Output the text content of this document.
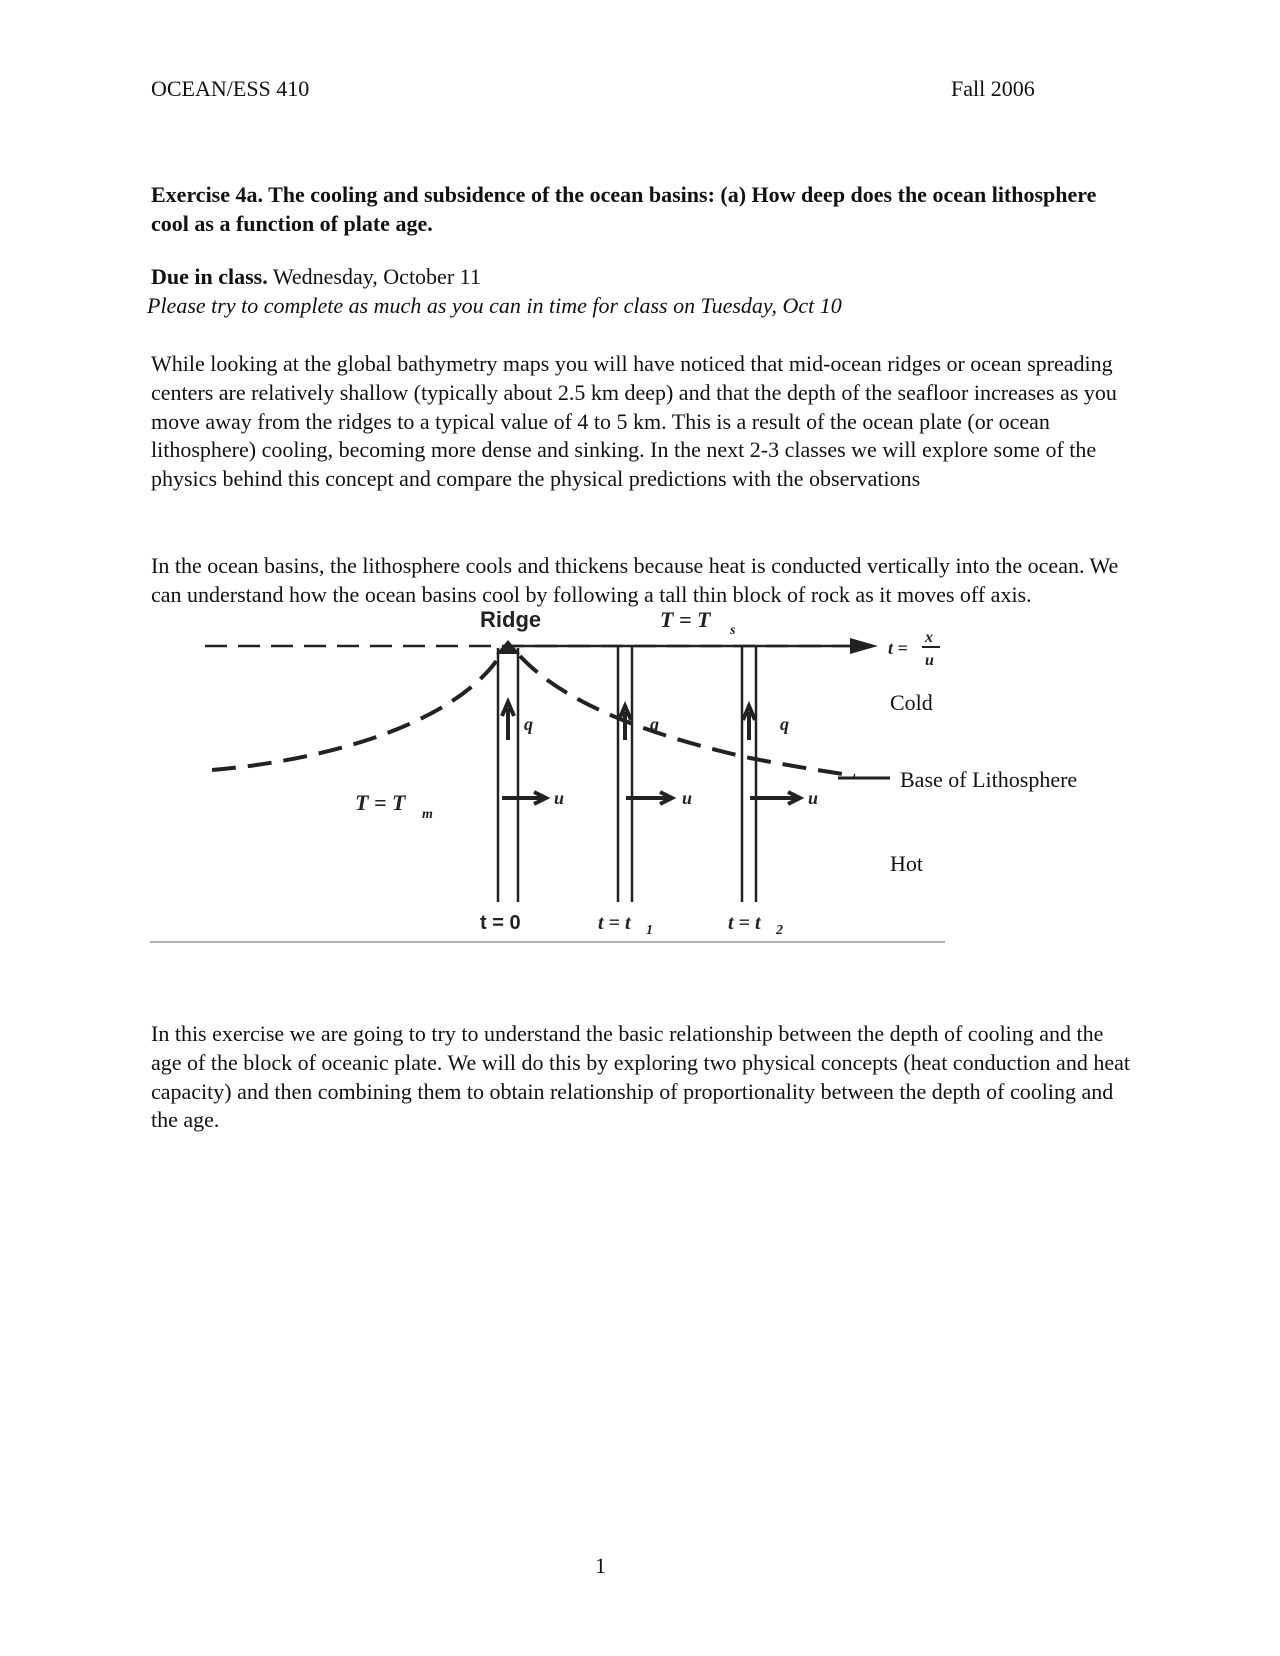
OCEAN/ESS 410	Fall 2006
Exercise 4a. The cooling and subsidence of the ocean basins: (a) How deep does the ocean lithosphere cool as a function of plate age.
Due in class. Wednesday, October 11
Please try to complete as much as you can in time for class on Tuesday, Oct 10
While looking at the global bathymetry maps you will have noticed that mid-ocean ridges or ocean spreading centers are relatively shallow (typically about 2.5 km deep) and that the depth of the seafloor increases as you move away from the ridges to a typical value of 4 to 5 km. This is a result of the ocean plate (or ocean lithosphere) cooling, becoming more dense and sinking. In the next 2-3 classes we will explore some of the physics behind this concept and compare the physical predictions with the observations
In the ocean basins, the lithosphere cools and thickens because heat is conducted vertically into the ocean. We can understand how the ocean basins cool by following a tall thin block of rock as it moves off axis.
t =
x
u
Ridge	T = T s
q	q	q
u	u	u
T = T m
Cold
Base of Lithosphere
Hot
t = 0	t = t 1	t = t 2
In this exercise we are going to try to understand the basic relationship between the depth of cooling and the age of the block of oceanic plate. We will do this by exploring two physical concepts (heat conduction and heat capacity) and then combining them to obtain relationship of proportionality between the depth of cooling and the age.
1
